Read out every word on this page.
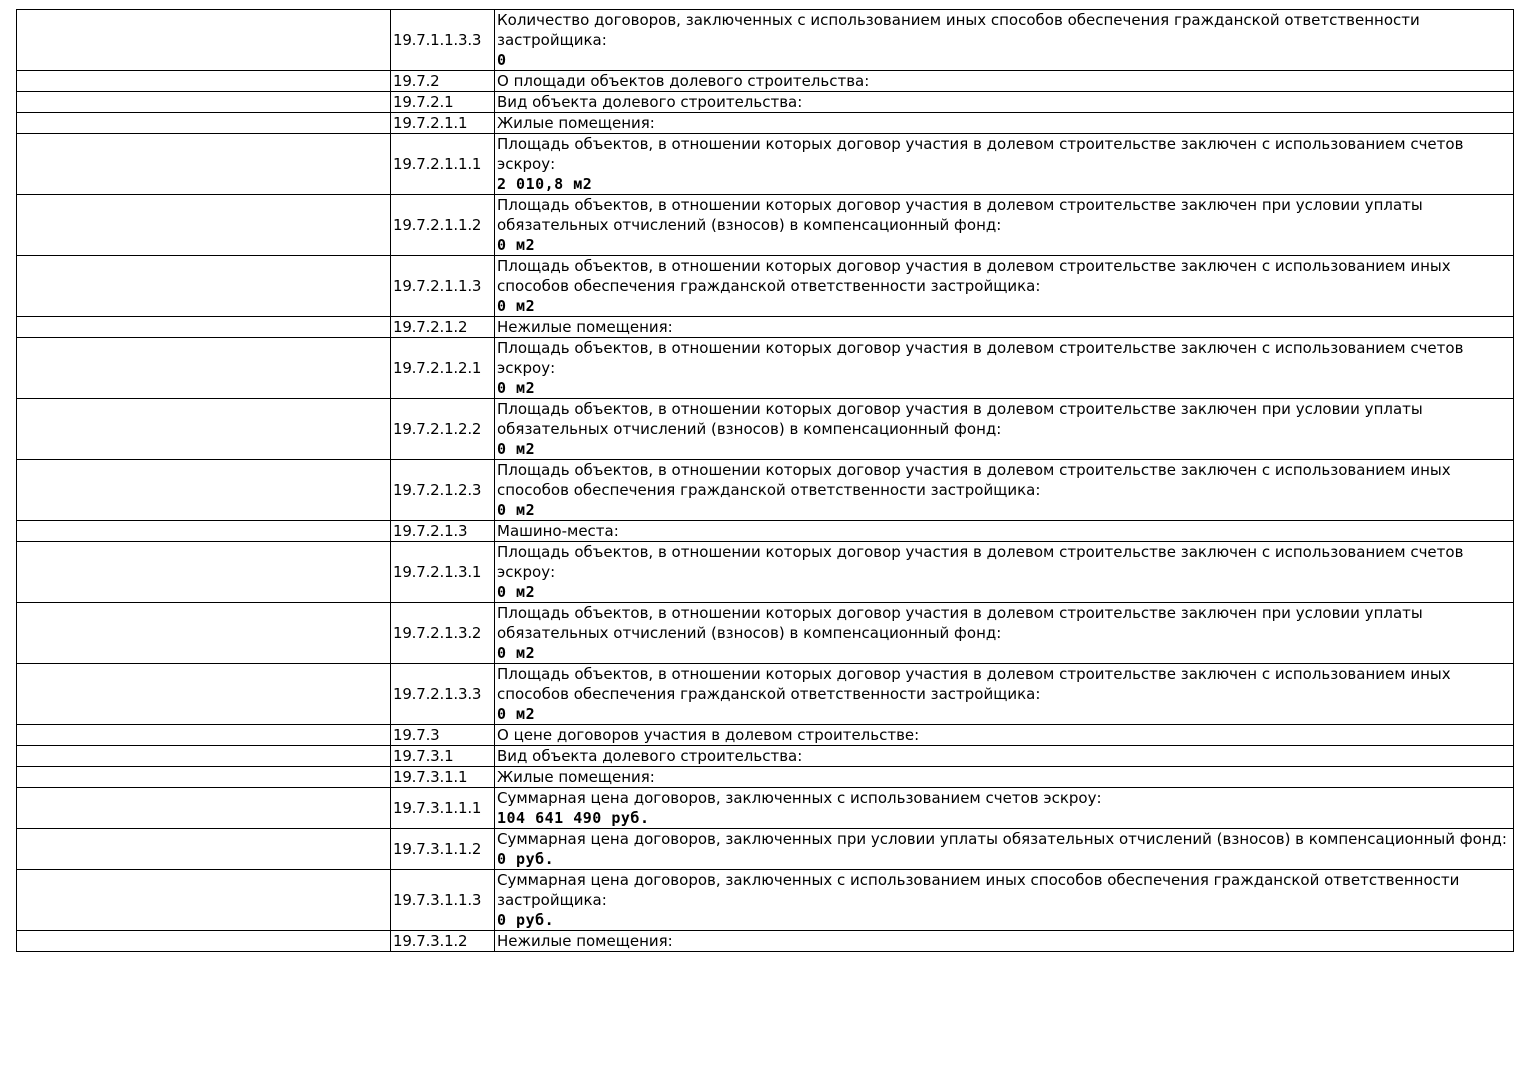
	19.7.1.1.3.3	Количество договоров, заключенных с использованием иных способов обеспечения гражданской ответственности застройщика:
0

	19.7.2	О площади объектов долевого строительства:
	19.7.2.1	Вид объекта долевого строительства:
	19.7.2.1.1	Жилые помещения:
	19.7.2.1.1.1	Площадь объектов, в отношении которых договор участия в долевом строительстве заключен с использованием счетов эскроу:
2 010,8 м2

	19.7.2.1.1.2	Площадь объектов, в отношении которых договор участия в долевом строительстве заключен при условии уплаты обязательных отчислений (взносов) в компенсационный фонд:
0 м2

	19.7.2.1.1.3	Площадь объектов, в отношении которых договор участия в долевом строительстве заключен с использованием иных способов обеспечения гражданской ответственности застройщика:
0 м2

	19.7.2.1.2	Нежилые помещения:
	19.7.2.1.2.1	Площадь объектов, в отношении которых договор участия в долевом строительстве заключен с использованием счетов эскроу:
0 м2

	19.7.2.1.2.2	Площадь объектов, в отношении которых договор участия в долевом строительстве заключен при условии уплаты обязательных отчислений (взносов) в компенсационный фонд:
0 м2

	19.7.2.1.2.3	Площадь объектов, в отношении которых договор участия в долевом строительстве заключен с использованием иных способов обеспечения гражданской ответственности застройщика:
0 м2

	19.7.2.1.3	Машино-места:
	19.7.2.1.3.1	Площадь объектов, в отношении которых договор участия в долевом строительстве заключен с использованием счетов эскроу:
0 м2

	19.7.2.1.3.2	Площадь объектов, в отношении которых договор участия в долевом строительстве заключен при условии уплаты обязательных отчислений (взносов) в компенсационный фонд:
0 м2

	19.7.2.1.3.3	Площадь объектов, в отношении которых договор участия в долевом строительстве заключен с использованием иных способов обеспечения гражданской ответственности застройщика:
0 м2

	19.7.3	О цене договоров участия в долевом строительстве:
	19.7.3.1	Вид объекта долевого строительства:
	19.7.3.1.1	Жилые помещения:
	19.7.3.1.1.1	Суммарная цена договоров, заключенных с использованием счетов эскроу:
104 641 490 руб.

	19.7.3.1.1.2	Суммарная цена договоров, заключенных при условии уплаты обязательных отчислений (взносов) в компенсационный фонд:
0 руб.

	19.7.3.1.1.3	Суммарная цена договоров, заключенных с использованием иных способов обеспечения гражданской ответственности застройщика:
0 руб.

	19.7.3.1.2	Нежилые помещения:
